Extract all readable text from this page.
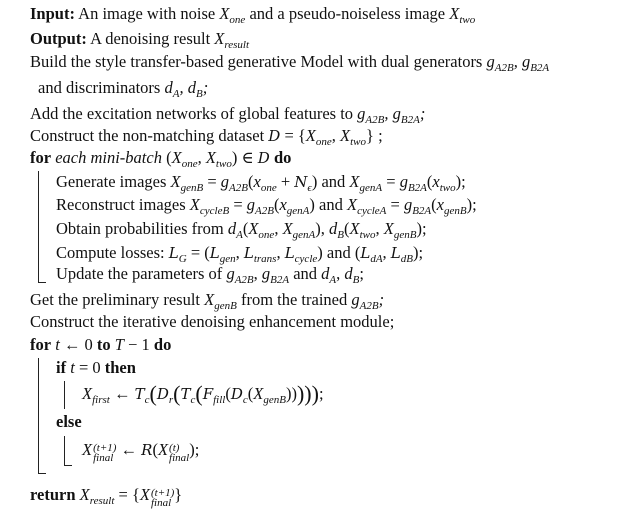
Input: An image with noise $X_{one}$ and a pseudo-noiseless image $X_{two}$
Output: A denoising result $X_{result}$
Build the style transfer-based generative Model with dual generators $g_{A2B}$, $g_{B2A}$
and discriminators $d_A$, $d_B$;
Add the excitation networks of global features to $g_{A2B}$, $g_{B2A}$;
Construct the non-matching dataset $D = \{X_{one}$, $X_{two}$} ;
for each mini-batch ($X_{one}$, $X_{two}$) ∈ D do
Generate images $X_{genB} = g_{A2B}(x_{one} + N_\epsilon)$ and $X_{genA} = g_{B2A}(x_{two})$;
Reconstruct images $X_{cycleB} = g_{A2B}(x_{genA})$ and $X_{cycleA} = g_{B2A}(x_{genB})$;
Obtain probabilities from $d_A(X_{one}$, $X_{genA}$), $d_B(X_{two}$, $X_{genB}$);
Compute losses: $L_G = (L_{gen}$, $L_{trans}$, $L_{cycle}$) and ($L_{dA}$, $L_{dB}$);
Update the parameters of $g_{A2B}$, $g_{B2A}$ and $d_A$, $d_B$;
Get the preliminary result $X_{genB}$ from the trained $g_{A2B}$;
Construct the iterative denoising enhancement module;
for t ← 0 to T − 1 do
if t = 0 then
$X_{first}$ ← $T_c(D_r(T_c(F_{fill}(D_c(X_{genB})))))$;
else
X (t+1)
final ← R(X (t)
final );
return $X_{result} = \{X$ (t+1)
final }
